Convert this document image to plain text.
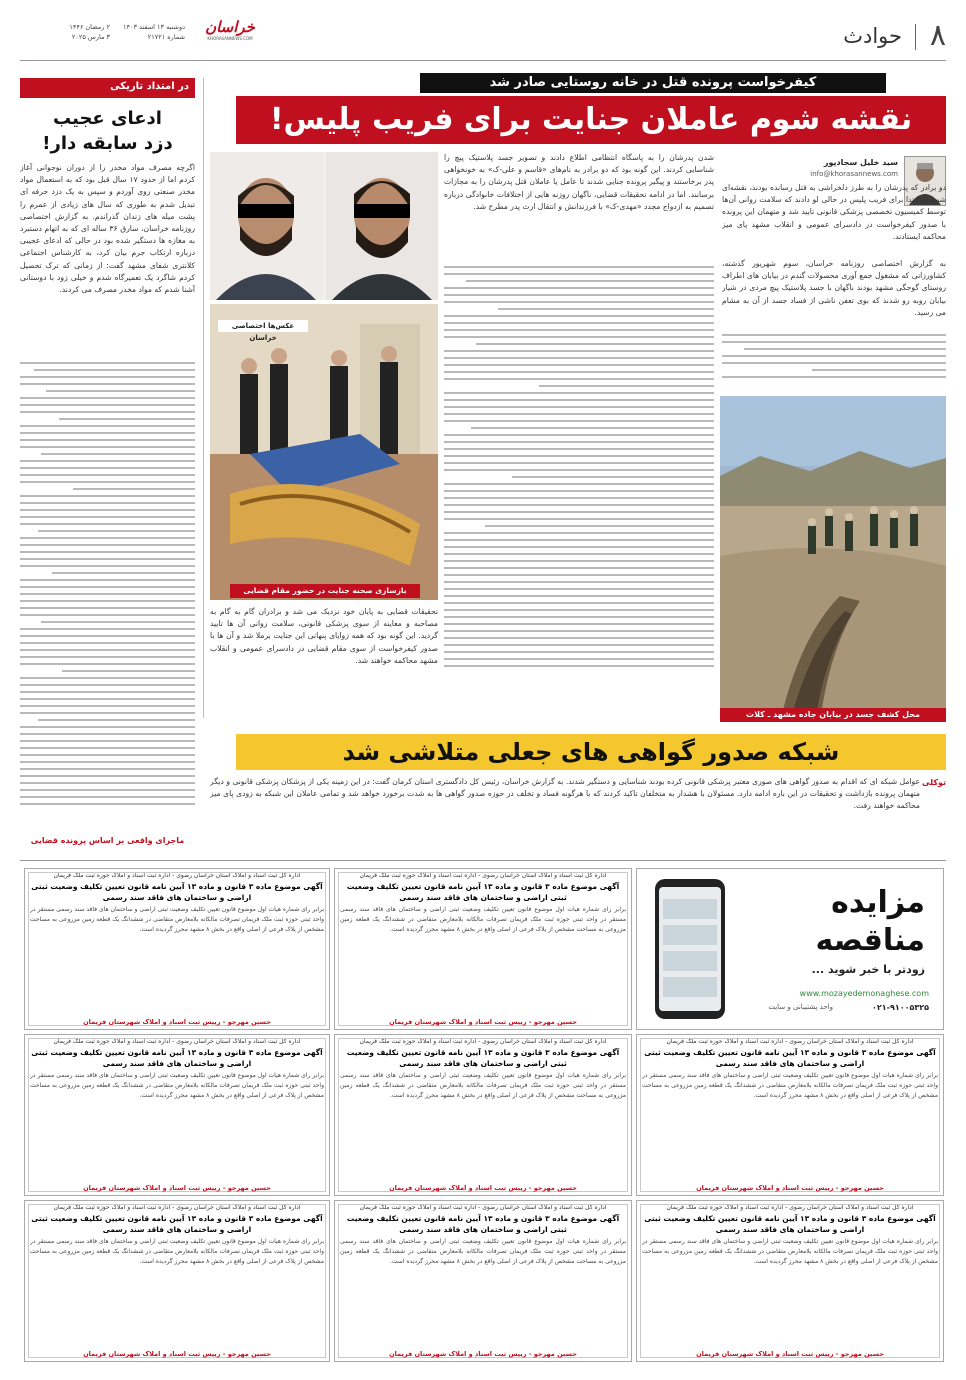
۸
حوادث
خراسان
KHORASANNEWS.COM
دوشنبه ۱۳ اسفند ۱۴۰۳
شماره ۲۱۷۲۱
۲ رمضان ۱۴۴۶
۳ مارس ۲۰۲۵
کیفرخواست پرونده قتل در خانه روستایی صادر شد
نقشه شوم عاملان جنایت برای فریب پلیس!
در امتداد تاریکی
ادعای عجیب
دزد سابقه دار!
اگرچه مصرف مواد مخدر را از دوران نوجوانی آغاز کردم اما از حدود ۱۷ سال قبل بود که به استعمال مواد مخدر صنعتی روی آوردم و سپس به یک دزد حرفه ای تبدیل شدم به طوری که سال های زیادی از عمرم را پشت میله های زندان گذراندم. به گزارش اختصاصی روزنامه خراسان، سارق ۳۶ ساله ای که به اتهام دستبرد به مغازه ها دستگیر شده بود در حالی که ادعای عجیبی درباره ارتکاب جرم بیان کرد، به کارشناس اجتماعی کلانتری شفای مشهد گفت: از زمانی که ترک تحصیل کردم شاگرد یک تعمیرگاه شدم و خیلی زود با دوستانی آشنا شدم که مواد مخدر مصرف می کردند.
ماجرای واقعی بر اساس پرونده قضایی
سید خلیل سجادپور
info@khorasannews.com
دو برادر که پدرشان را به طرز دلخراشی به قتل رسانده بودند، نقشه‌ای شوم در ابتدا برای فریب پلیس در حالی لو دادند که سلامت روانی آن‌ها توسط کمیسیون تخصصی پزشکی قانونی تایید شد و متهمان این پرونده با صدور کیفرخواست در دادسرای عمومی و انقلاب مشهد پای میز محاکمه ایستادند.
به گزارش اختصاصی روزنامه خراسان، سوم شهریور گذشته، کشاورزانی که مشغول جمع آوری محصولات گندم در بیابان های اطراف روستای گوجگی مشهد بودند ناگهان با جسد پلاستیک پیچ مردی در شیار بیابان روبه رو شدند که بوی تعفن ناشی از فساد جسد از آن به مشام می رسید.
محل کشف جسد در بیابان جاده مشهد ـ کلات
شدن پدرشان را به پاسگاه انتظامی اطلاع دادند و تصویر جسد پلاستیک پیچ را شناسایی کردند. این گونه بود که دو برادر به نام‌های «قاسم و علی-ک» به خونخواهی پدر برخاستند و پیگیر پرونده جنایی شدند تا عامل یا عاملان قتل پدرشان را به مجازات برسانند. اما در ادامه تحقیقات قضایی، ناگهان روزنه هایی از اختلافات خانوادگی درباره تصمیم به ازدواج مجدد «مهدی-ک» با فرزندانش و انتقال ارث پدر مطرح شد.
عکس‌ها اختصاصی خراسان
بازسازی صحنه جنایت در حضور مقام قضایی
تحقیقات قضایی به پایان خود نزدیک می شد و برادران گام به گام به مصاحبه و معاینه از سوی پزشکی قانونی، سلامت روانی آن ها تایید گردید. این گونه بود که همه زوایای پنهانی این جنایت برملا شد و آن ها با صدور کیفرخواست از سوی مقام قضایی در دادسرای عمومی و انقلاب مشهد محاکمه خواهند شد.
شبکه صدور گواهی های جعلی متلاشی شد
توکلی
عوامل شبکه ای که اقدام به صدور گواهی های صوری معتبر پزشکی قانونی کرده بودند شناسایی و دستگیر شدند. به گزارش خراسان، رئیس کل دادگستری استان کرمان گفت: در این زمینه یکی از پزشکان پزشکی قانونی و دیگر متهمان پرونده بازداشت و تحقیقات در این باره ادامه دارد. مسئولان با هشدار به متخلفان تاکید کردند که با هرگونه فساد و تخلف در حوزه صدور گواهی ها به شدت برخورد خواهد شد و تمامی عاملان این شبکه به زودی پای میز محاکمه خواهند رفت.
مزایده
مناقصه
زودتر با خبر شوید ...
www.mozayedemonaghese.com
۰۲۱-۹۱۰۰۵۳۲۵
واحد پشتیبانی و سایت
اداره کل ثبت اسناد و املاک استان خراسان رضوی - اداره ثبت اسناد و املاک حوزه ثبت ملک فریمان
آگهی موضوع ماده ۳ قانون و ماده ۱۳ آیین نامه قانون تعیین تکلیف وضعیت ثبتی اراضی و ساختمان های فاقد سند رسمی
برابر رای شماره هیات اول موضوع قانون تعیین تکلیف وضعیت ثبتی اراضی و ساختمان های فاقد سند رسمی مستقر در واحد ثبتی حوزه ثبت ملک فریمان تصرفات مالکانه بلامعارض متقاضی در ششدانگ یک قطعه زمین مزروعی به مساحت مشخص از پلاک فرعی از اصلی واقع در بخش ۸ مشهد محرز گردیده است.
حسین مهرجو - رییس ثبت اسناد و املاک شهرستان فریمان
اداره کل ثبت اسناد و املاک استان خراسان رضوی - اداره ثبت اسناد و املاک حوزه ثبت ملک فریمان
آگهی موضوع ماده ۳ قانون و ماده ۱۳ آیین نامه قانون تعیین تکلیف وضعیت ثبتی اراضی و ساختمان های فاقد سند رسمی
برابر رای شماره هیات اول موضوع قانون تعیین تکلیف وضعیت ثبتی اراضی و ساختمان های فاقد سند رسمی مستقر در واحد ثبتی حوزه ثبت ملک فریمان تصرفات مالکانه بلامعارض متقاضی در ششدانگ یک قطعه زمین مزروعی به مساحت مشخص از پلاک فرعی از اصلی واقع در بخش ۸ مشهد محرز گردیده است.
حسین مهرجو - رییس ثبت اسناد و املاک شهرستان فریمان
اداره کل ثبت اسناد و املاک استان خراسان رضوی - اداره ثبت اسناد و املاک حوزه ثبت ملک فریمان
آگهی موضوع ماده ۳ قانون و ماده ۱۳ آیین نامه قانون تعیین تکلیف وضعیت ثبتی اراضی و ساختمان های فاقد سند رسمی
برابر رای شماره هیات اول موضوع قانون تعیین تکلیف وضعیت ثبتی اراضی و ساختمان های فاقد سند رسمی مستقر در واحد ثبتی حوزه ثبت ملک فریمان تصرفات مالکانه بلامعارض متقاضی در ششدانگ یک قطعه زمین مزروعی به مساحت مشخص از پلاک فرعی از اصلی واقع در بخش ۸ مشهد محرز گردیده است.
حسین مهرجو - رییس ثبت اسناد و املاک شهرستان فریمان
اداره کل ثبت اسناد و املاک استان خراسان رضوی - اداره ثبت اسناد و املاک حوزه ثبت ملک فریمان
آگهی موضوع ماده ۳ قانون و ماده ۱۳ آیین نامه قانون تعیین تکلیف وضعیت ثبتی اراضی و ساختمان های فاقد سند رسمی
برابر رای شماره هیات اول موضوع قانون تعیین تکلیف وضعیت ثبتی اراضی و ساختمان های فاقد سند رسمی مستقر در واحد ثبتی حوزه ثبت ملک فریمان تصرفات مالکانه بلامعارض متقاضی در ششدانگ یک قطعه زمین مزروعی به مساحت مشخص از پلاک فرعی از اصلی واقع در بخش ۸ مشهد محرز گردیده است.
حسین مهرجو - رییس ثبت اسناد و املاک شهرستان فریمان
اداره کل ثبت اسناد و املاک استان خراسان رضوی - اداره ثبت اسناد و املاک حوزه ثبت ملک فریمان
آگهی موضوع ماده ۳ قانون و ماده ۱۳ آیین نامه قانون تعیین تکلیف وضعیت ثبتی اراضی و ساختمان های فاقد سند رسمی
برابر رای شماره هیات اول موضوع قانون تعیین تکلیف وضعیت ثبتی اراضی و ساختمان های فاقد سند رسمی مستقر در واحد ثبتی حوزه ثبت ملک فریمان تصرفات مالکانه بلامعارض متقاضی در ششدانگ یک قطعه زمین مزروعی به مساحت مشخص از پلاک فرعی از اصلی واقع در بخش ۸ مشهد محرز گردیده است.
حسین مهرجو - رییس ثبت اسناد و املاک شهرستان فریمان
اداره کل ثبت اسناد و املاک استان خراسان رضوی - اداره ثبت اسناد و املاک حوزه ثبت ملک فریمان
آگهی موضوع ماده ۳ قانون و ماده ۱۳ آیین نامه قانون تعیین تکلیف وضعیت ثبتی اراضی و ساختمان های فاقد سند رسمی
برابر رای شماره هیات اول موضوع قانون تعیین تکلیف وضعیت ثبتی اراضی و ساختمان های فاقد سند رسمی مستقر در واحد ثبتی حوزه ثبت ملک فریمان تصرفات مالکانه بلامعارض متقاضی در ششدانگ یک قطعه زمین مزروعی به مساحت مشخص از پلاک فرعی از اصلی واقع در بخش ۸ مشهد محرز گردیده است.
حسین مهرجو - رییس ثبت اسناد و املاک شهرستان فریمان
اداره کل ثبت اسناد و املاک استان خراسان رضوی - اداره ثبت اسناد و املاک حوزه ثبت ملک فریمان
آگهی موضوع ماده ۳ قانون و ماده ۱۳ آیین نامه قانون تعیین تکلیف وضعیت ثبتی اراضی و ساختمان های فاقد سند رسمی
برابر رای شماره هیات اول موضوع قانون تعیین تکلیف وضعیت ثبتی اراضی و ساختمان های فاقد سند رسمی مستقر در واحد ثبتی حوزه ثبت ملک فریمان تصرفات مالکانه بلامعارض متقاضی در ششدانگ یک قطعه زمین مزروعی به مساحت مشخص از پلاک فرعی از اصلی واقع در بخش ۸ مشهد محرز گردیده است.
حسین مهرجو - رییس ثبت اسناد و املاک شهرستان فریمان
اداره کل ثبت اسناد و املاک استان خراسان رضوی - اداره ثبت اسناد و املاک حوزه ثبت ملک فریمان
آگهی موضوع ماده ۳ قانون و ماده ۱۳ آیین نامه قانون تعیین تکلیف وضعیت ثبتی اراضی و ساختمان های فاقد سند رسمی
برابر رای شماره هیات اول موضوع قانون تعیین تکلیف وضعیت ثبتی اراضی و ساختمان های فاقد سند رسمی مستقر در واحد ثبتی حوزه ثبت ملک فریمان تصرفات مالکانه بلامعارض متقاضی در ششدانگ یک قطعه زمین مزروعی به مساحت مشخص از پلاک فرعی از اصلی واقع در بخش ۸ مشهد محرز گردیده است.
حسین مهرجو - رییس ثبت اسناد و املاک شهرستان فریمان
